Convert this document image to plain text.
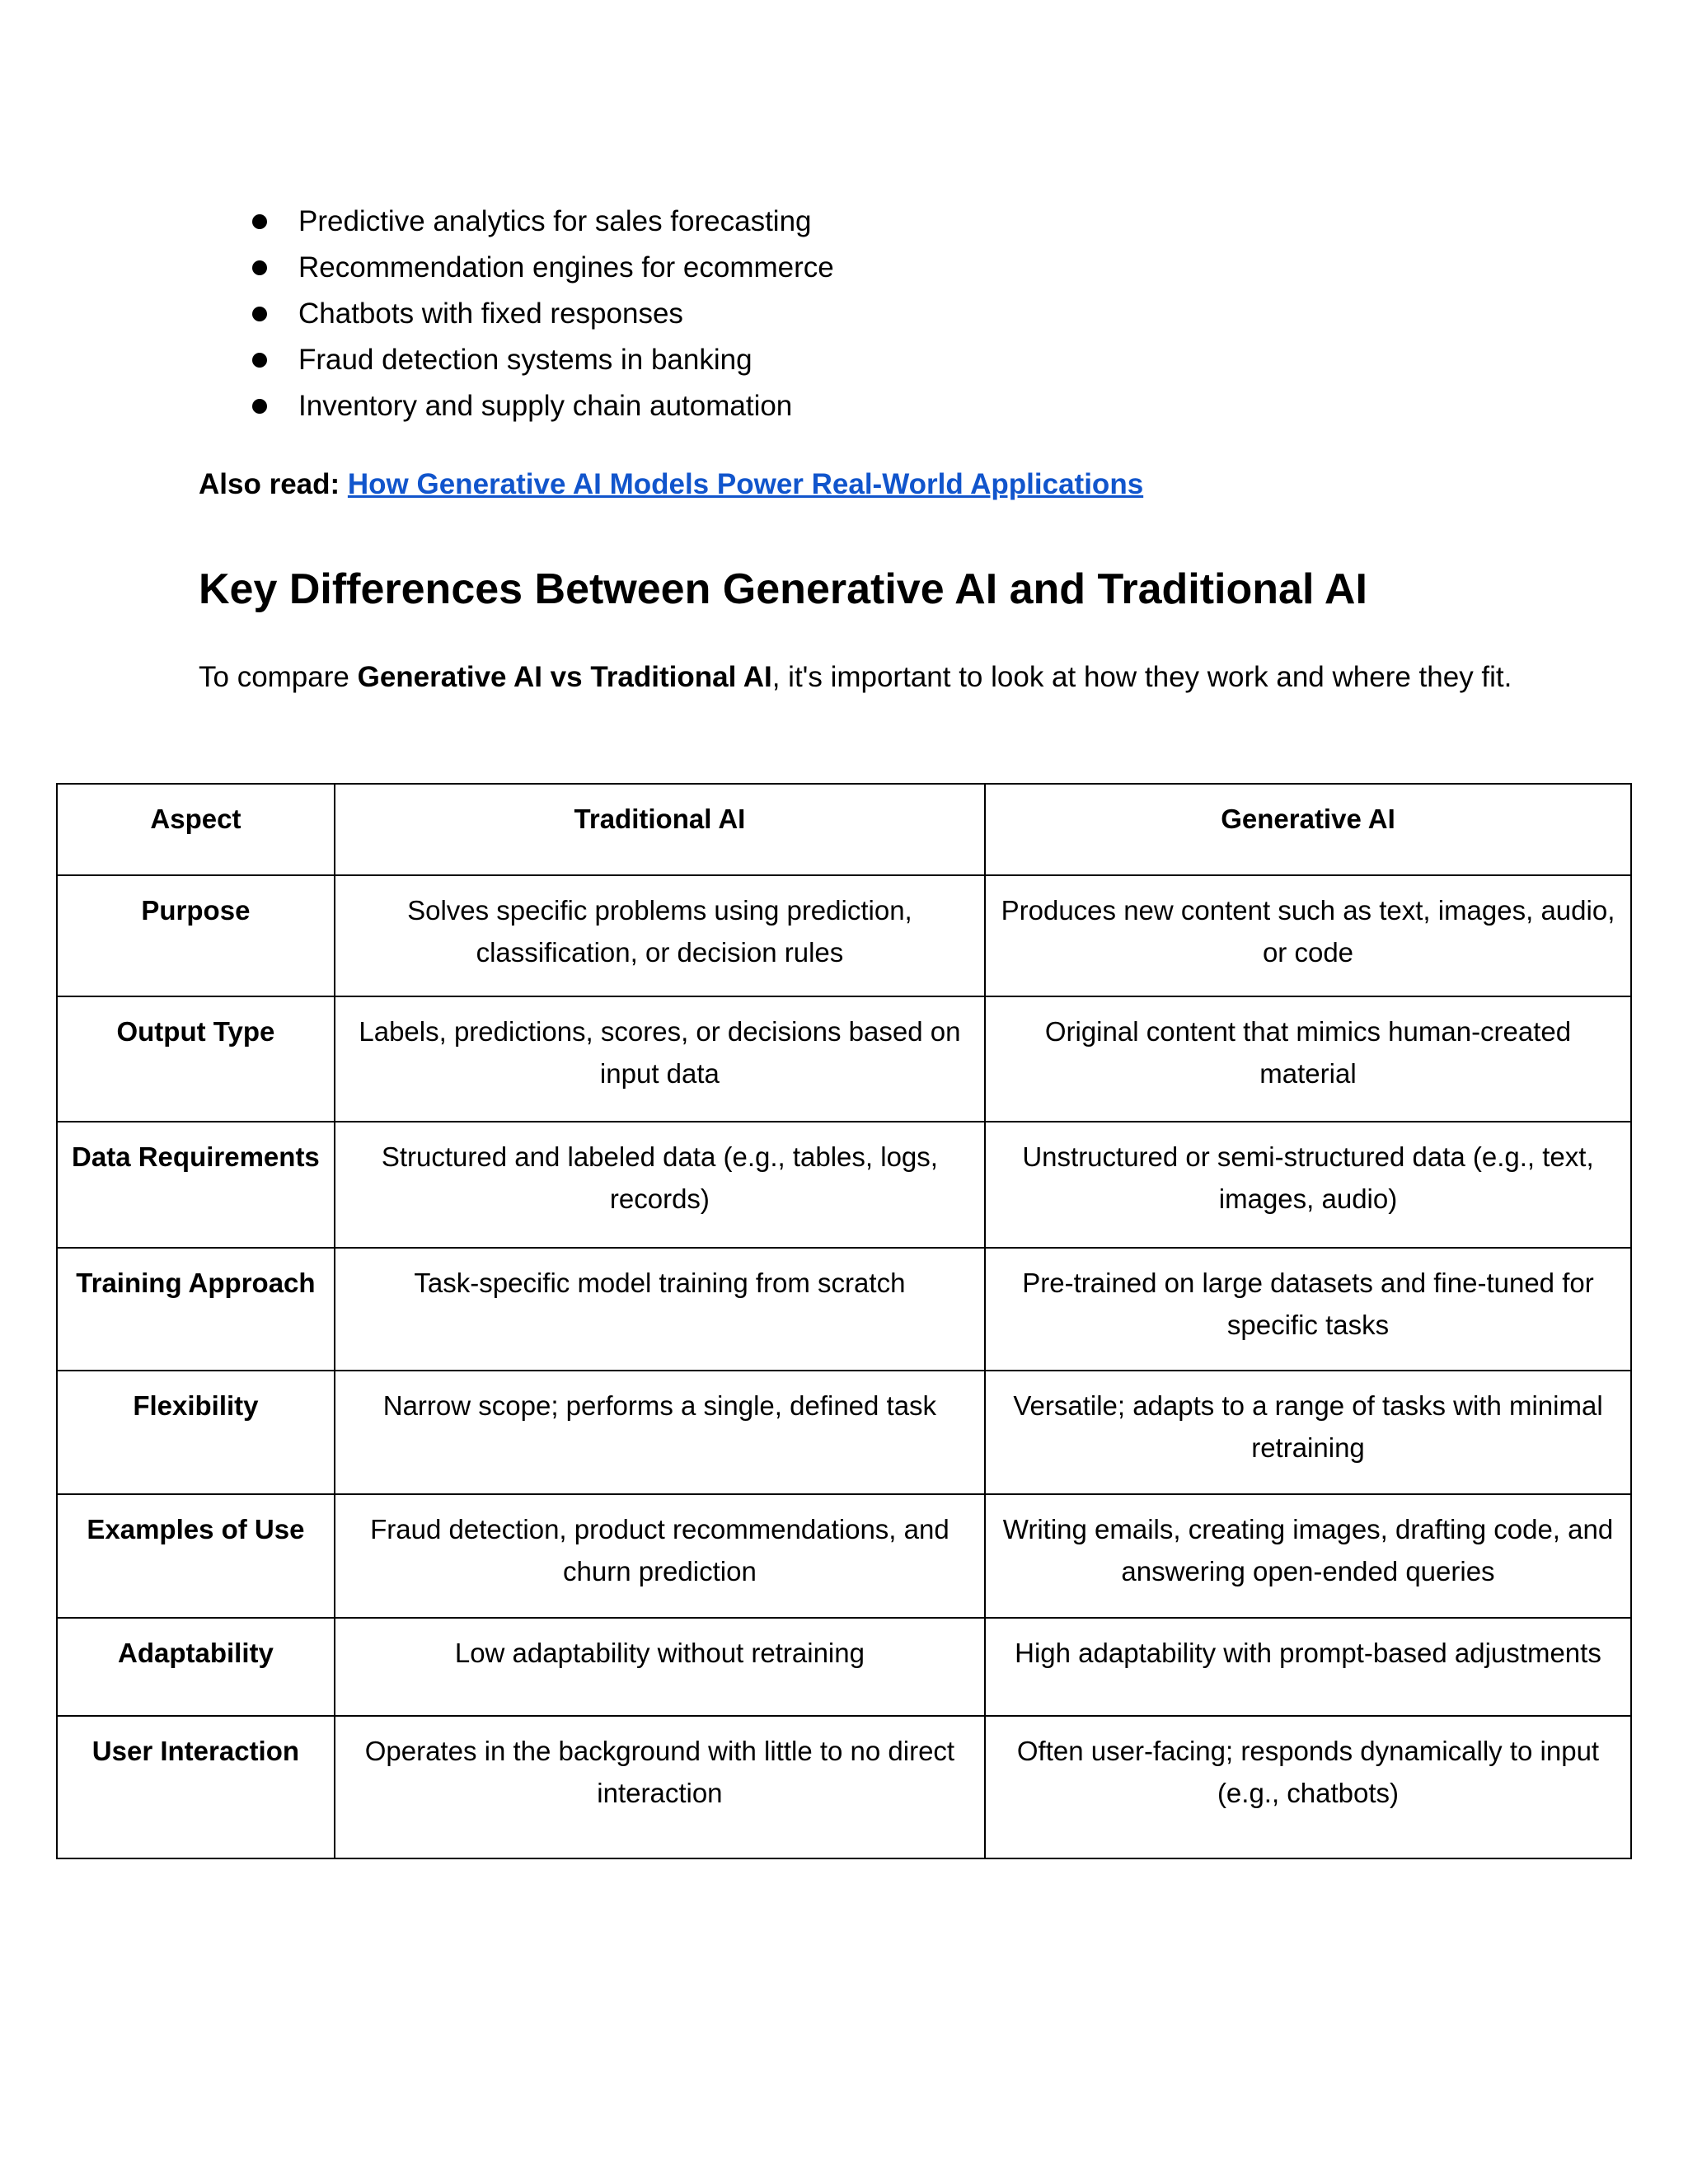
Predictive analytics for sales forecasting
Recommendation engines for ecommerce
Chatbots with fixed responses
Fraud detection systems in banking
Inventory and supply chain automation
Also read: How Generative AI Models Power Real-World Applications
Key Differences Between Generative AI and Traditional AI

To compare Generative AI vs Traditional AI, it's important to look at how they work and where they fit.

Aspect	Traditional AI	Generative AI
Purpose	Solves specific problems using prediction, classification, or decision rules	Produces new content such as text, images, audio, or code
Output Type	Labels, predictions, scores, or decisions based on input data	Original content that mimics human-created material
Data Requirements	Structured and labeled data (e.g., tables, logs, records)	Unstructured or semi-structured data (e.g., text, images, audio)
Training Approach	Task-specific model training from scratch	Pre-trained on large datasets and fine-tuned for specific tasks
Flexibility	Narrow scope; performs a single, defined task	Versatile; adapts to a range of tasks with minimal retraining
Examples of Use	Fraud detection, product recommendations, and churn prediction	Writing emails, creating images, drafting code, and answering open-ended queries
Adaptability	Low adaptability without retraining	High adaptability with prompt-based adjustments
User Interaction	Operates in the background with little to no direct interaction	Often user-facing; responds dynamically to input (e.g., chatbots)
